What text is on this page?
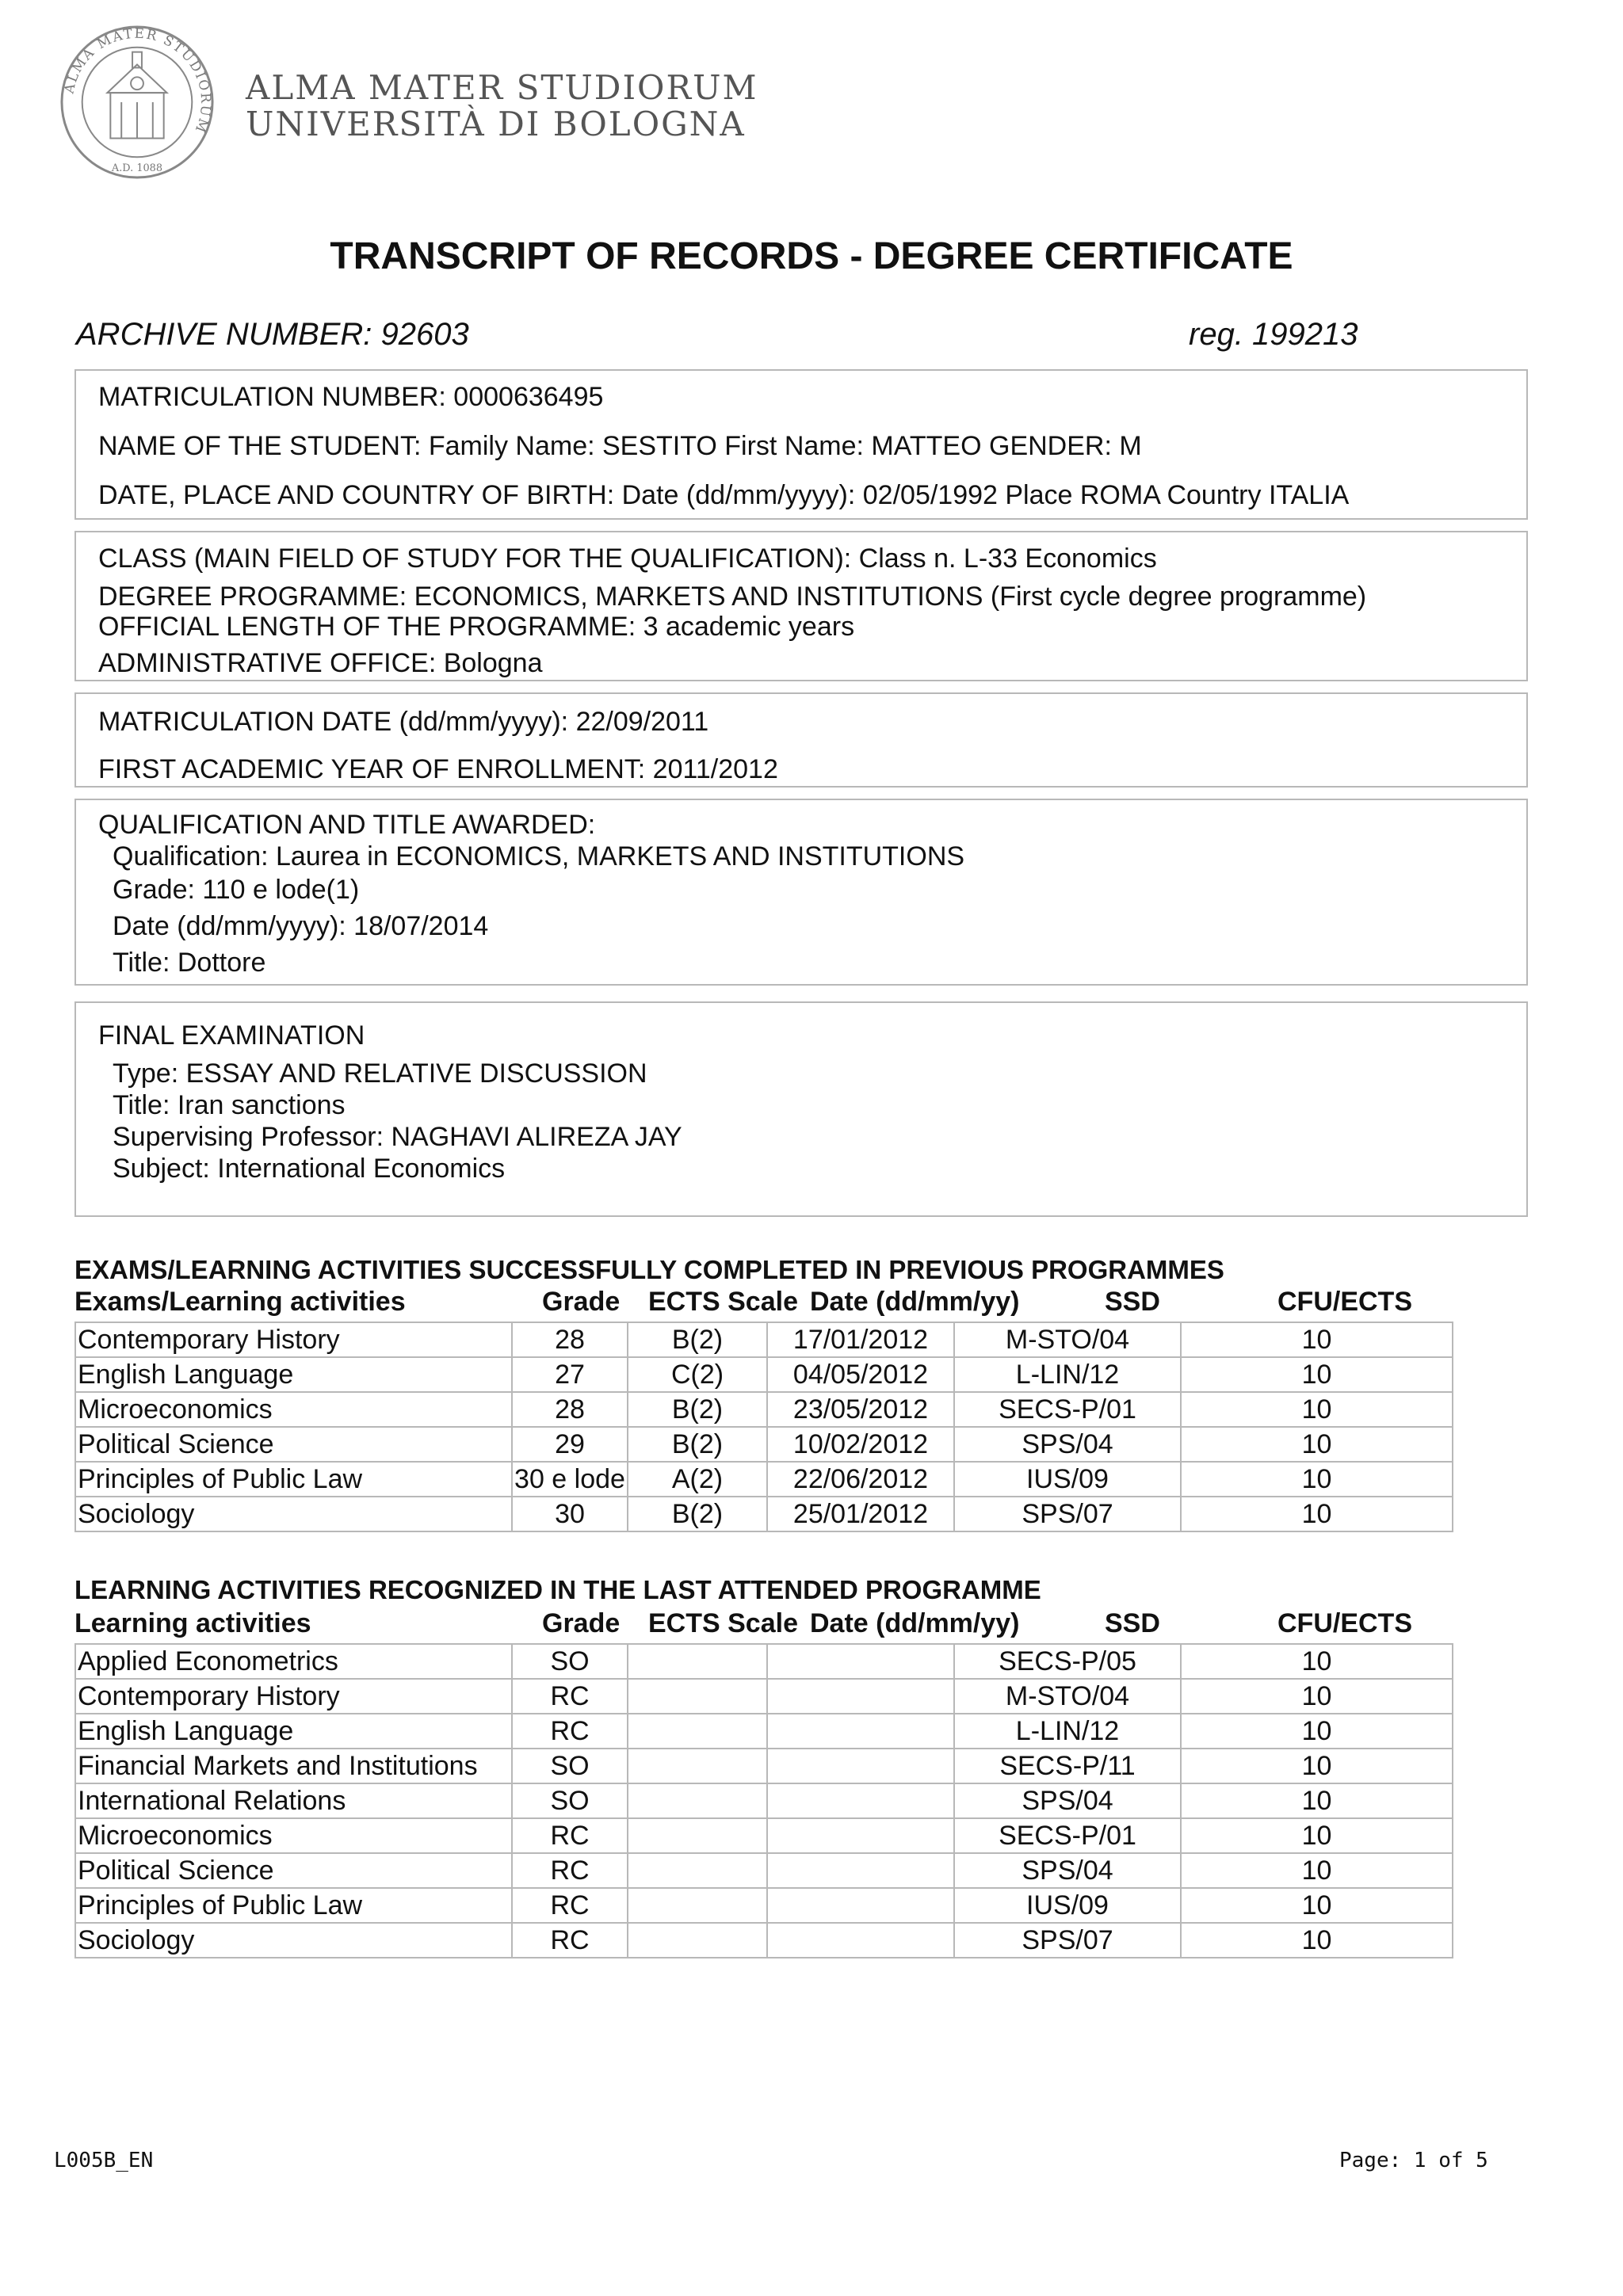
ALMA MATER STUDIORUM
A.D. 1088
ALMA MATER STUDIORUM
UNIVERSITÀ DI BOLOGNA
TRANSCRIPT OF RECORDS - DEGREE CERTIFICATE
ARCHIVE NUMBER: 92603	reg. 199213
MATRICULATION NUMBER: 0000636495
NAME OF THE STUDENT: Family Name: SESTITO First Name: MATTEO GENDER: M
DATE, PLACE AND COUNTRY OF BIRTH: Date (dd/mm/yyyy): 02/05/1992 Place ROMA Country ITALIA
CLASS (MAIN FIELD OF STUDY FOR THE QUALIFICATION): Class n. L-33 Economics
DEGREE PROGRAMME: ECONOMICS, MARKETS AND INSTITUTIONS (First cycle degree programme)
OFFICIAL LENGTH OF THE PROGRAMME: 3 academic years
ADMINISTRATIVE OFFICE: Bologna
MATRICULATION DATE (dd/mm/yyyy): 22/09/2011
FIRST ACADEMIC YEAR OF ENROLLMENT: 2011/2012
QUALIFICATION AND TITLE AWARDED:
Qualification: Laurea in ECONOMICS, MARKETS AND INSTITUTIONS
Grade: 110 e lode(1)
Date (dd/mm/yyyy): 18/07/2014
Title: Dottore
FINAL EXAMINATION
Type: ESSAY AND RELATIVE DISCUSSION
Title: Iran sanctions
Supervising Professor: NAGHAVI ALIREZA JAY
Subject: International Economics
EXAMS/LEARNING ACTIVITIES SUCCESSFULLY COMPLETED IN PREVIOUS PROGRAMMES
Exams/Learning activities	Grade ECTS Scale Date (dd/mm/yy)	SSD	CFU/ECTS
Contemporary History	28	B(2)	17/01/2012	M-STO/04	10
English Language	27	C(2)	04/05/2012	L-LIN/12	10
Microeconomics	28	B(2)	23/05/2012	SECS-P/01	10
Political Science	29	B(2)	10/02/2012	SPS/04	10
Principles of Public Law	30 e lode	A(2)	22/06/2012	IUS/09	10
Sociology	30	B(2)	25/01/2012	SPS/07	10
LEARNING ACTIVITIES RECOGNIZED IN THE LAST ATTENDED PROGRAMME
Learning activities	Grade ECTS Scale Date (dd/mm/yy)	SSD	CFU/ECTS
Applied Econometrics	SO			SECS-P/05	10
Contemporary History	RC			M-STO/04	10
English Language	RC			L-LIN/12	10
Financial Markets and Institutions	SO			SECS-P/11	10
International Relations	SO			SPS/04	10
Microeconomics	RC			SECS-P/01	10
Political Science	RC			SPS/04	10
Principles of Public Law	RC			IUS/09	10
Sociology	RC			SPS/07	10
L005B_EN	Page: 1 of 5
